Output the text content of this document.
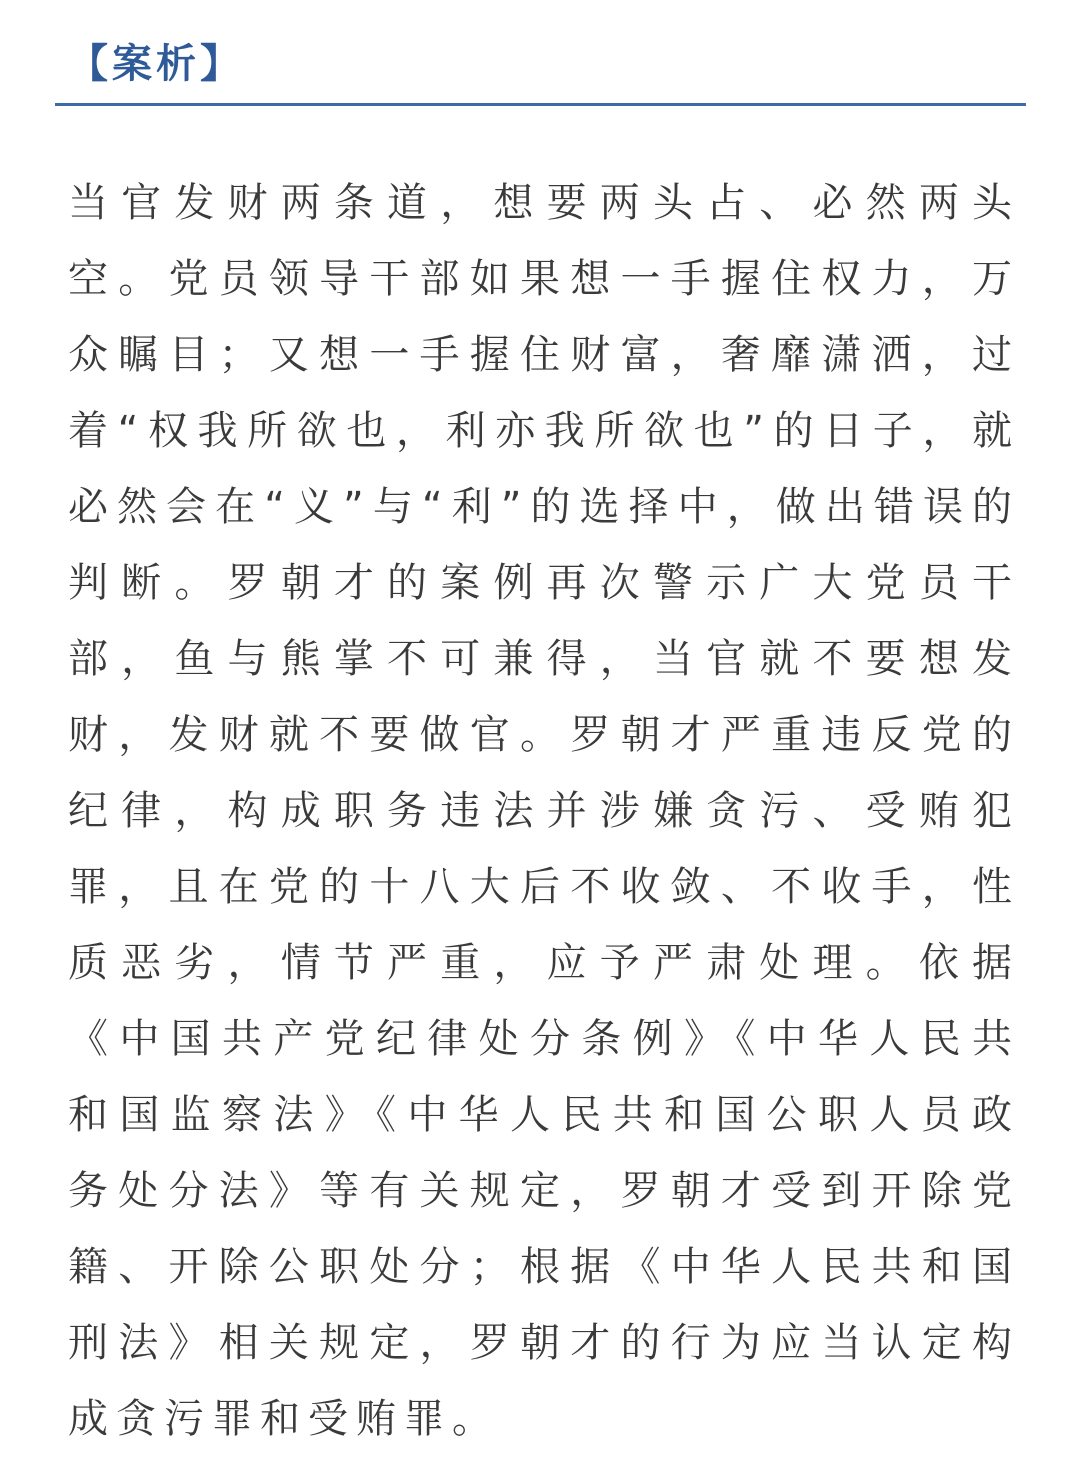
【案析】
当官发财两条道，想要两头占、必然两头
空。党员领导干部如果想一手握住权力，万
众瞩目；又想一手握住财富，奢靡潇洒，过
着“权我所欲也，利亦我所欲也”的日子，就
必然会在“义”与“利”的选择中，做出错误的
判断。罗朝才的案例再次警示广大党员干
部，鱼与熊掌不可兼得，当官就不要想发
财，发财就不要做官。罗朝才严重违反党的
纪律，构成职务违法并涉嫌贪污、受贿犯
罪，且在党的十八大后不收敛、不收手，性
质恶劣，情节严重，应予严肃处理。依据
《中国共产党纪律处分条例》《中华人民共
和国监察法》《中华人民共和国公职人员政
务处分法》等有关规定，罗朝才受到开除党
籍、开除公职处分；根据《中华人民共和国
刑法》相关规定，罗朝才的行为应当认定构
成贪污罪和受贿罪。
